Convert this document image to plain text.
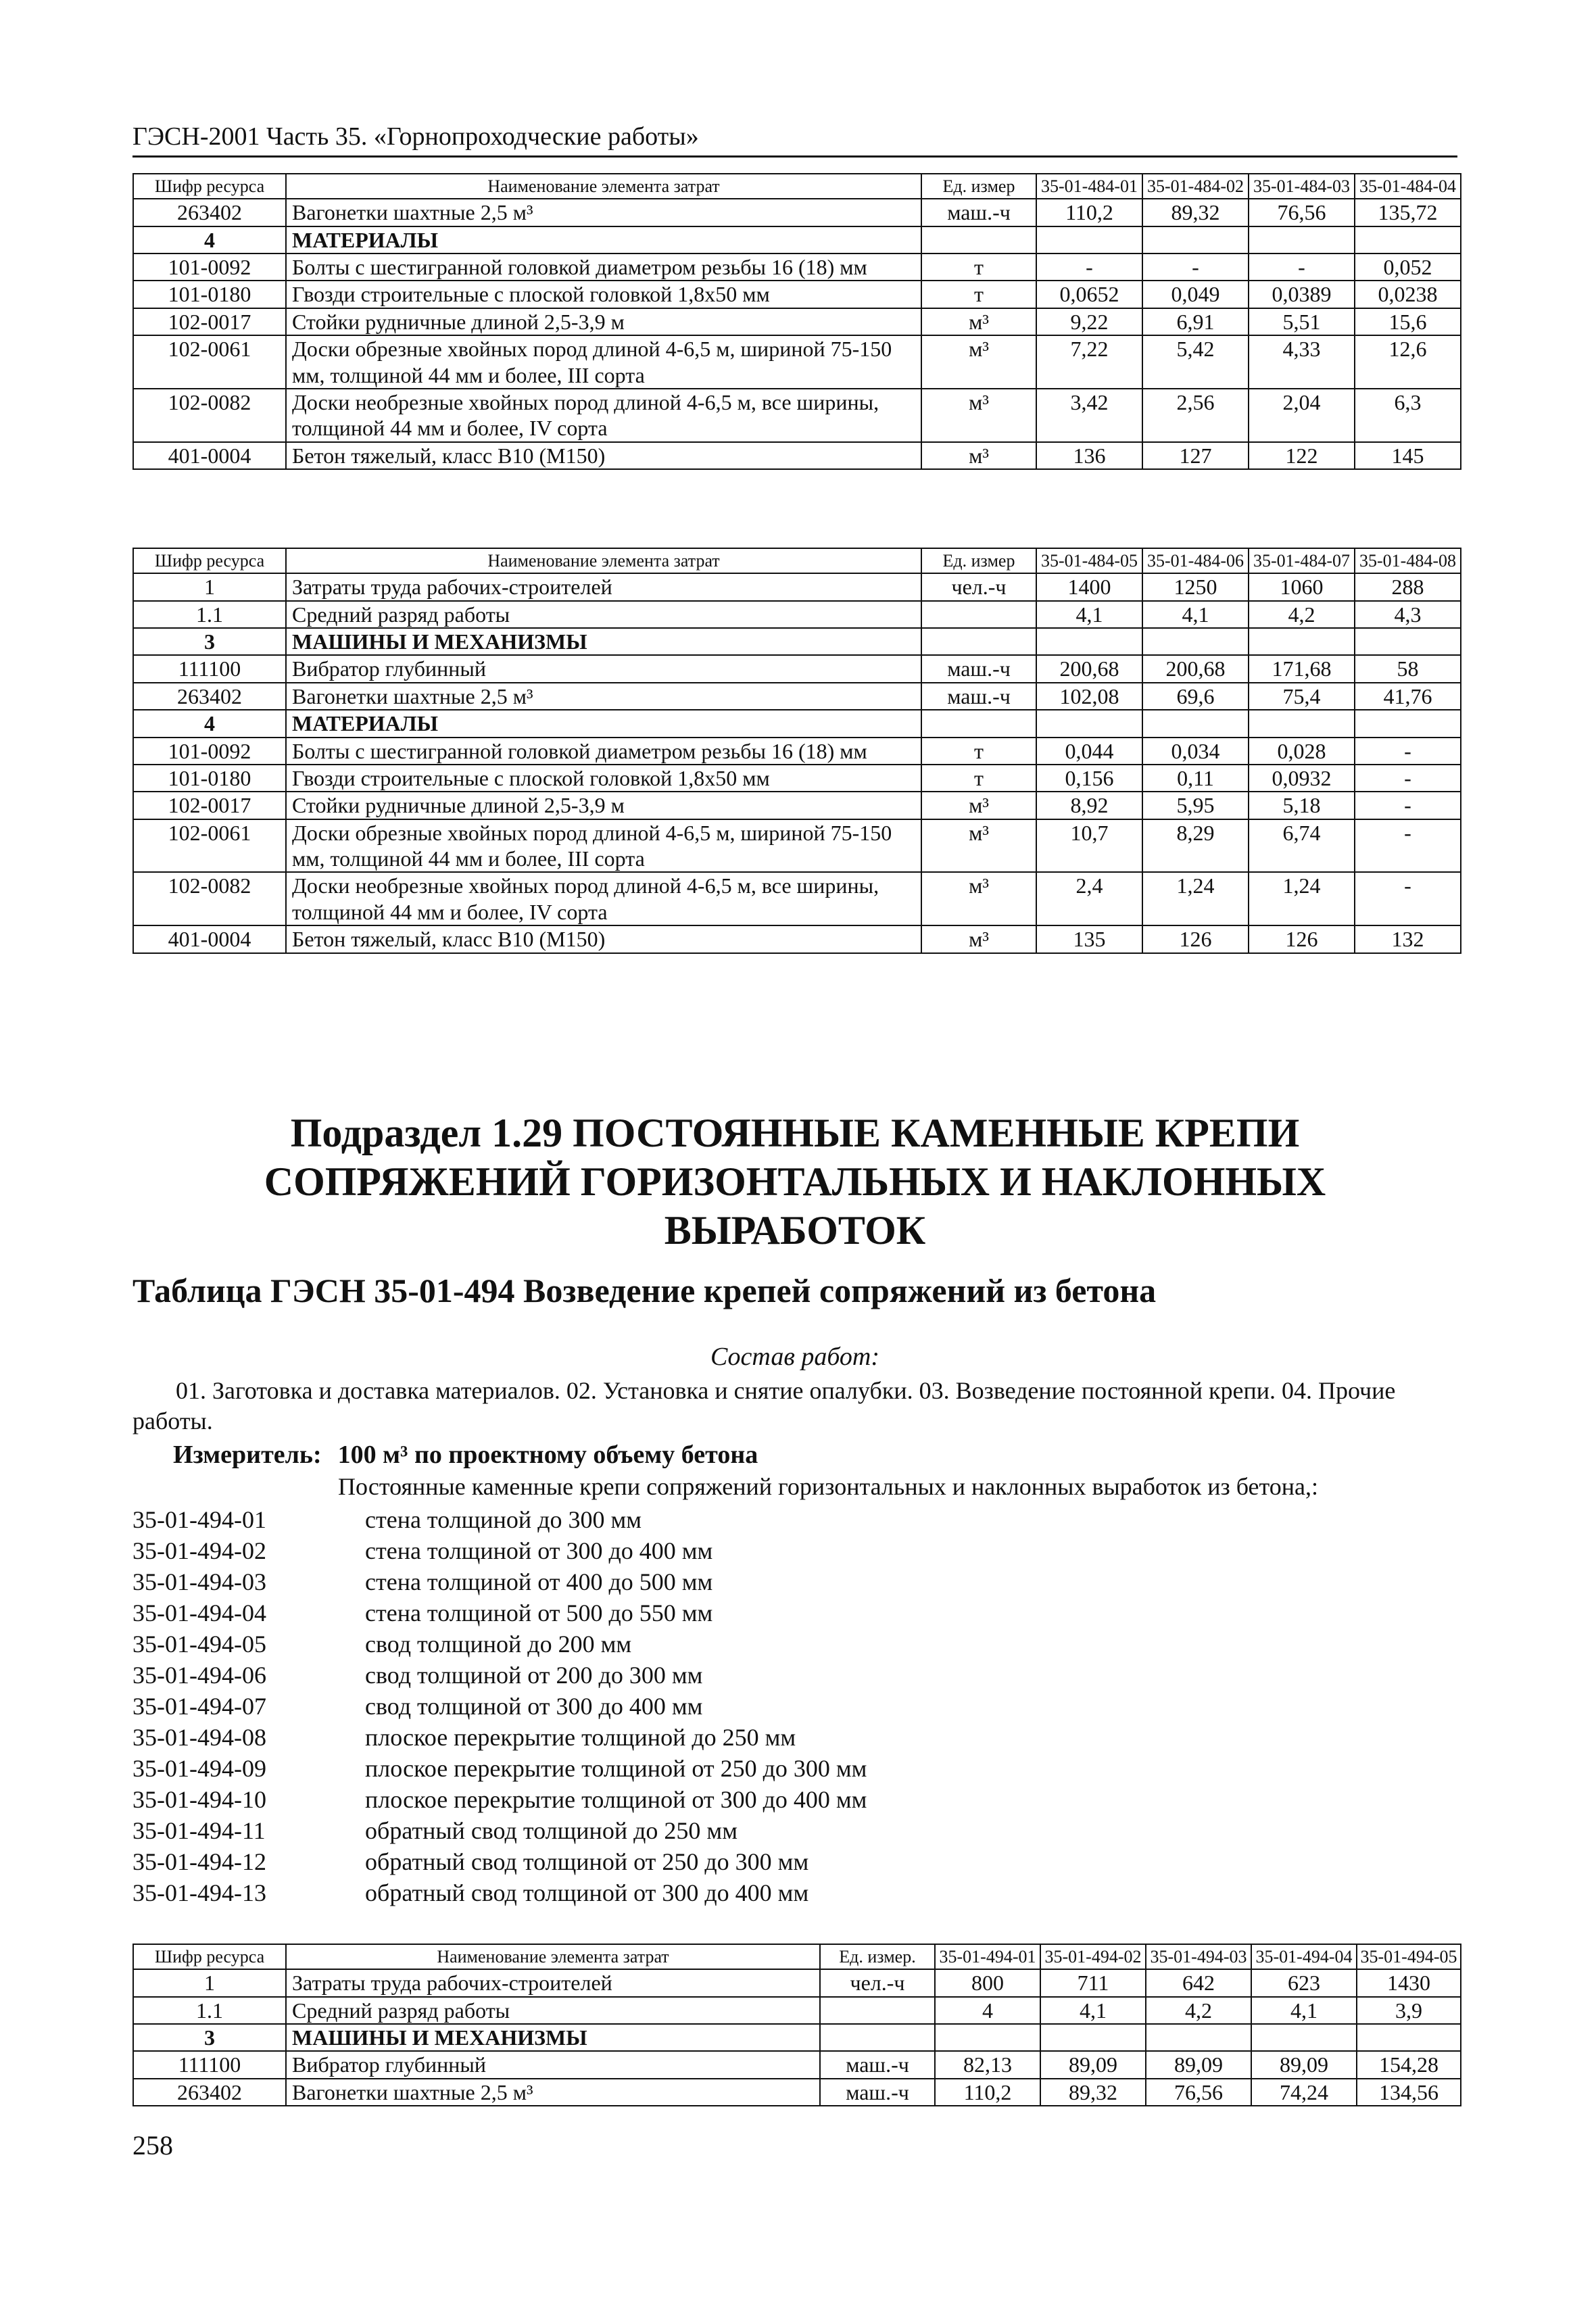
ГЭСН-2001 Часть 35. «Горнопроходческие работы»
Шифр ресурса	Наименование элемента затрат	Ед. измер	35-01-484-01	35-01-484-02	35-01-484-03	35-01-484-04
263402	Вагонетки шахтные 2,5 м³	маш.-ч	110,2	89,32	76,56	135,72
4	МАТЕРИАЛЫ					
101-0092	Болты с шестигранной головкой диаметром резьбы 16 (18) мм	т	-	-	-	0,052
101-0180	Гвозди строительные с плоской головкой 1,8х50 мм	т	0,0652	0,049	0,0389	0,0238
102-0017	Стойки рудничные длиной 2,5-3,9 м	м³	9,22	6,91	5,51	15,6
102-0061	Доски обрезные хвойных пород длиной 4-6,5 м, шириной 75-150 мм, толщиной 44 мм и более, III сорта	м³	7,22	5,42	4,33	12,6
102-0082	Доски необрезные хвойных пород длиной 4-6,5 м, все ширины, толщиной 44 мм и более, IV сорта	м³	3,42	2,56	2,04	6,3
401-0004	Бетон тяжелый, класс В10 (М150)	м³	136	127	122	145
Шифр ресурса	Наименование элемента затрат	Ед. измер	35-01-484-05	35-01-484-06	35-01-484-07	35-01-484-08
1	Затраты труда рабочих-строителей	чел.-ч	1400	1250	1060	288
1.1	Средний разряд работы		4,1	4,1	4,2	4,3
3	МАШИНЫ И МЕХАНИЗМЫ					
111100	Вибратор глубинный	маш.-ч	200,68	200,68	171,68	58
263402	Вагонетки шахтные 2,5 м³	маш.-ч	102,08	69,6	75,4	41,76
4	МАТЕРИАЛЫ					
101-0092	Болты с шестигранной головкой диаметром резьбы 16 (18) мм	т	0,044	0,034	0,028	-
101-0180	Гвозди строительные с плоской головкой 1,8х50 мм	т	0,156	0,11	0,0932	-
102-0017	Стойки рудничные длиной 2,5-3,9 м	м³	8,92	5,95	5,18	-
102-0061	Доски обрезные хвойных пород длиной 4-6,5 м, шириной 75-150 мм, толщиной 44 мм и более, III сорта	м³	10,7	8,29	6,74	-
102-0082	Доски необрезные хвойных пород длиной 4-6,5 м, все ширины, толщиной 44 мм и более, IV сорта	м³	2,4	1,24	1,24	-
401-0004	Бетон тяжелый, класс В10 (М150)	м³	135	126	126	132
Подраздел 1.29 ПОСТОЯННЫЕ КАМЕННЫЕ КРЕПИ СОПРЯЖЕНИЙ ГОРИЗОНТАЛЬНЫХ И НАКЛОННЫХ ВЫРАБОТОК
Таблица ГЭСН 35-01-494 Возведение крепей сопряжений из бетона
Состав работ:
01. Заготовка и доставка материалов. 02. Установка и снятие опалубки. 03. Возведение постоянной крепи. 04. Прочие работы.
Измеритель: 100 м³ по проектному объему бетона
Постоянные каменные крепи сопряжений горизонтальных и наклонных выработок из бетона,:
35-01-494-01	стена толщиной до 300 мм
35-01-494-02	стена толщиной от 300 до 400 мм
35-01-494-03	стена толщиной от 400 до 500 мм
35-01-494-04	стена толщиной от 500 до 550 мм
35-01-494-05	свод толщиной до 200 мм
35-01-494-06	свод толщиной от 200 до 300 мм
35-01-494-07	свод толщиной от 300 до 400 мм
35-01-494-08	плоское перекрытие толщиной до 250 мм
35-01-494-09	плоское перекрытие толщиной от 250 до 300 мм
35-01-494-10	плоское перекрытие толщиной от 300 до 400 мм
35-01-494-11	обратный свод толщиной до 250 мм
35-01-494-12	обратный свод толщиной от 250 до 300 мм
35-01-494-13	обратный свод толщиной от 300 до 400 мм
Шифр ресурса	Наименование элемента затрат	Ед. измер.	35-01-494-01	35-01-494-02	35-01-494-03	35-01-494-04	35-01-494-05
1	Затраты труда рабочих-строителей	чел.-ч	800	711	642	623	1430
1.1	Средний разряд работы		4	4,1	4,2	4,1	3,9
3	МАШИНЫ И МЕХАНИЗМЫ						
111100	Вибратор глубинный	маш.-ч	82,13	89,09	89,09	89,09	154,28
263402	Вагонетки шахтные 2,5 м³	маш.-ч	110,2	89,32	76,56	74,24	134,56
258
